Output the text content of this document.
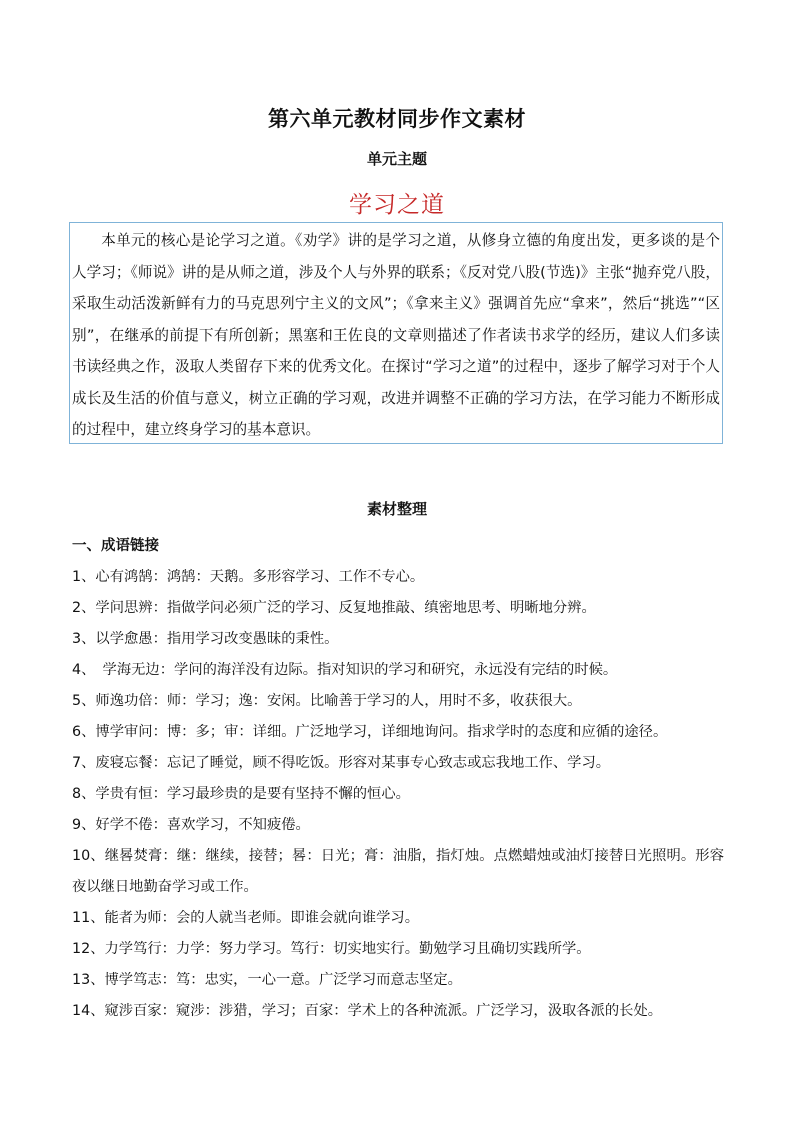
第六单元教材同步作文素材
单元主题
学习之道

本单元的核心是论学习之道。《劝学》讲的是学习之道，从修身立德的角度出发，更多谈的是个人学习；《师说》讲的是从师之道，涉及个人与外界的联系；《反对党八股(节选)》主张“抛弃党八股，采取生动活泼新鲜有力的马克思列宁主义的文风”；《拿来主义》强调首先应“拿来”，然后“挑选”“区别”，在继承的前提下有所创新；黑塞和王佐良的文章则描述了作者读书求学的经历，建议人们多读书读经典之作，汲取人类留存下来的优秀文化。在探讨“学习之道”的过程中，逐步了解学习对于个人成长及生活的价值与意义，树立正确的学习观，改进并调整不正确的学习方法，在学习能力不断形成的过程中，建立终身学习的基本意识。

素材整理
一、成语链接

1、心有鸿鹄：鸿鹄：天鹅。多形容学习、工作不专心。

2、学问思辨：指做学问必须广泛的学习、反复地推敲、缜密地思考、明晰地分辨。

3、以学愈愚：指用学习改变愚昧的秉性。

4、　学海无边：学问的海洋没有边际。指对知识的学习和研究，永远没有完结的时候。

5、师逸功倍：师：学习；逸：安闲。比喻善于学习的人，用时不多，收获很大。

6、博学审问：博：多；审：详细。广泛地学习，详细地询问。指求学时的态度和应循的途径。

7、废寝忘餐：忘记了睡觉，顾不得吃饭。形容对某事专心致志或忘我地工作、学习。

8、学贵有恒：学习最珍贵的是要有坚持不懈的恒心。

9、好学不倦：喜欢学习，不知疲倦。

10、继晷焚膏：继：继续，接替；晷：日光；膏：油脂，指灯烛。点燃蜡烛或油灯接替日光照明。形容夜以继日地勤奋学习或工作。

11、能者为师：会的人就当老师。即谁会就向谁学习。

12、力学笃行：力学：努力学习。笃行：切实地实行。勤勉学习且确切实践所学。

13、博学笃志：笃：忠实，一心一意。广泛学习而意志坚定。

14、窥涉百家：窥涉：涉猎，学习；百家：学术上的各种流派。广泛学习，汲取各派的长处。
